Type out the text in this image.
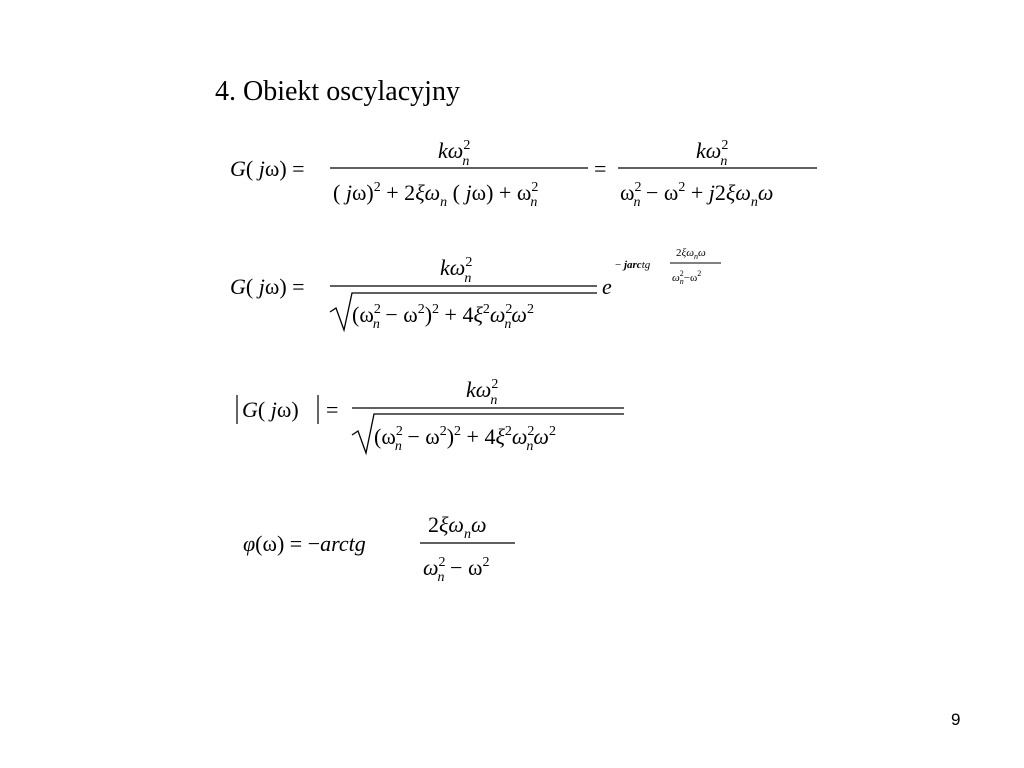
4. Obiekt oscylacyjny
G( jω) =
$k\omega^2$ n
( $j\omega)^2 + 2\xi\omega_n$ ( $j\omega) + \omega^2$ n
=
$k\omega^2$ n
$\omega^2$ $n - \omega^2 + j2\xi\omega_n\omega$
G( jω) =
$k\omega^2$ n
($\omega^2$ $n - \omega^2)^2 + 4\xi^2\omega^2$ $n\omega^2$
e
− jarctg
$2\xi\omega_n\omega$
$\omega^2$ $n-\omega^2$
G( jω) =
$k\omega^2$ n
($\omega^2$ $n - \omega^2)^2 + 4\xi^2\omega^2$ $n\omega^2$
φ(ω) = −arctg
$2\xi\omega_n\omega$
$\omega^2$ $n - \omega^2$
9
